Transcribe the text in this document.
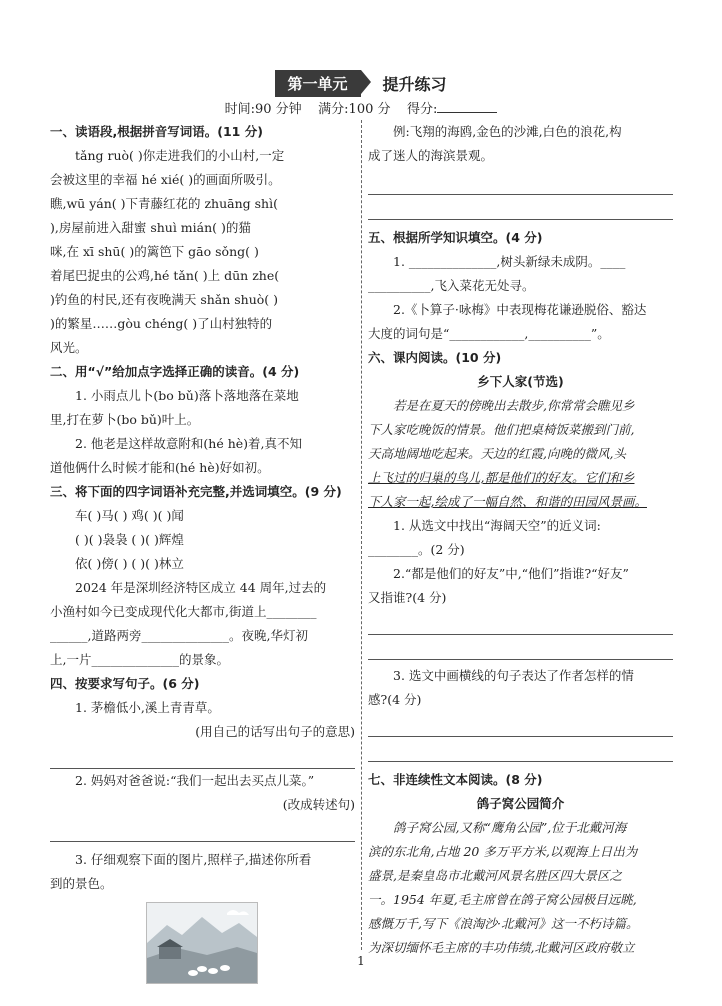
第一单元 提升练习
时间:90 分钟 满分:100 分 得分:

一、读语段,根据拼音写词语。(11 分)

tǎng ruò( )你走进我们的小山村,一定

会被这里的幸福 hé xié( )的画面所吸引。

瞧,wū yán( )下青藤红花的 zhuāng shì(

),房屋前进入甜蜜 shuì mián( )的猫

咪,在 xī shū( )的篱笆下 gāo sǒng( )

着尾巴捉虫的公鸡,hé tǎn( )上 dūn zhe(

)钓鱼的村民,还有夜晚满天 shǎn shuò( )

)的繁星……gòu chéng( )了山村独特的

风光。

二、用“√”给加点字选择正确的读音。(4 分)

1. 小雨点儿卜(bo bǔ)落卜落地落在菜地

里,打在萝卜(bo bǔ)叶上。

2. 他老是这样故意附和(hé hè)着,真不知

道他俩什么时候才能和(hé hè)好如初。

三、将下面的四字词语补充完整,并选词填空。(9 分)

车( )马( ) 鸡( )( )闻

( )( )袅袅 ( )( )辉煌

依( )傍( ) ( )( )林立

2024 年是深圳经济特区成立 44 周年,过去的

小渔村如今已变成现代化大都市,街道上________

______,道路两旁______________。夜晚,华灯初

上,一片______________的景象。

四、按要求写句子。(6 分)

1. 茅檐低小,溪上青青草。

(用自己的话写出句子的意思)

2. 妈妈对爸爸说:“我们一起出去买点儿菜。”

(改成转述句)

3. 仔细观察下面的图片,照样子,描述你所看

到的景色。

例:飞翔的海鸥,金色的沙滩,白色的浪花,构

成了迷人的海滨景观。

五、根据所学知识填空。(4 分)

1. ______________,树头新绿未成阴。____

__________,飞入菜花无处寻。

2.《卜算子·咏梅》中表现梅花谦逊脱俗、豁达

大度的词句是“____________,__________”。

六、课内阅读。(10 分)

乡下人家(节选)

若是在夏天的傍晚出去散步,你常常会瞧见乡

下人家吃晚饭的情景。他们把桌椅饭菜搬到门前,

天高地阔地吃起来。天边的红霞,向晚的微风,头

上飞过的归巢的鸟儿,都是他们的好友。它们和乡

下人家一起,绘成了一幅自然、和谐的田园风景画。

1. 从选文中找出“海阔天空”的近义词:

________。(2 分)

2.“都是他们的好友”中,“他们”指谁?“好友”

又指谁?(4 分)

3. 选文中画横线的句子表达了作者怎样的情

感?(4 分)

七、非连续性文本阅读。(8 分)

鸽子窝公园简介

鸽子窝公园,又称“鹰角公园”,位于北戴河海

滨的东北角,占地 20 多万平方米,以观海上日出为

盛景,是秦皇岛市北戴河风景名胜区四大景区之

一。1954 年夏,毛主席曾在鸽子窝公园极目远眺,

感慨万千,写下《浪淘沙·北戴河》这一不朽诗篇。

为深切缅怀毛主席的丰功伟绩,北戴河区政府敬立

1
